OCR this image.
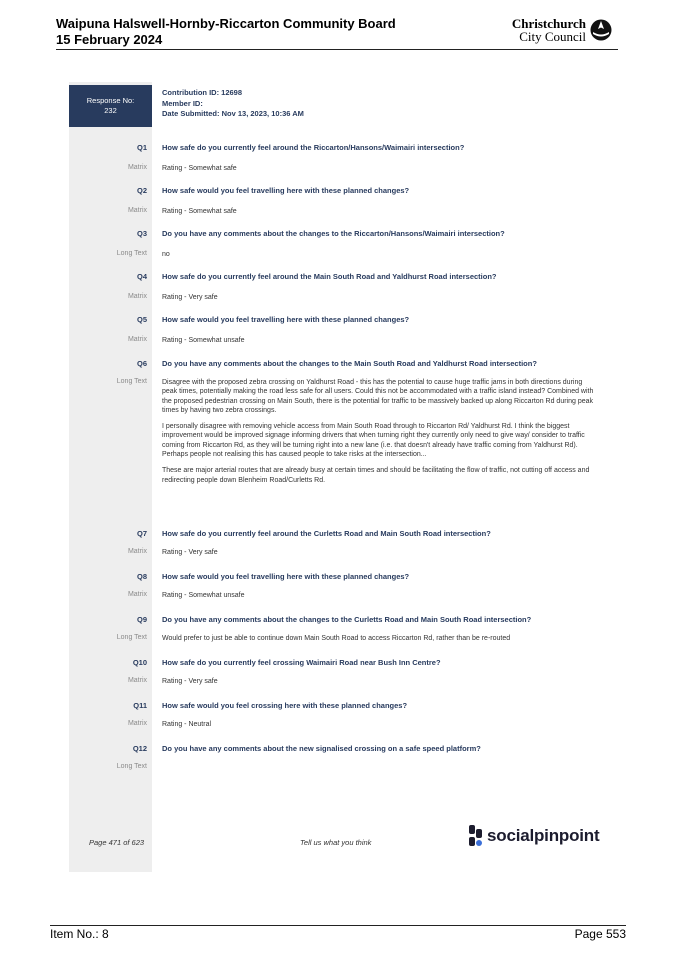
Waipuna Halswell-Hornby-Riccarton Community Board
15 February 2024
Christchurch
City Council
Response No:
232
Contribution ID: 12698
Member ID:
Date Submitted: Nov 13, 2023, 10:36 AM
Q1 How safe do you currently feel around the Riccarton/Hansons/Waimairi intersection?
Matrix Rating - Somewhat safe
Q2 How safe would you feel travelling here with these planned changes?
Matrix Rating - Somewhat safe
Q3 Do you have any comments about the changes to the Riccarton/Hansons/Waimairi intersection?
Long Text no
Q4 How safe do you currently feel around the Main South Road and Yaldhurst Road intersection?
Matrix Rating - Very safe
Q5 How safe would you feel travelling here with these planned changes?
Matrix Rating - Somewhat unsafe
Q6 Do you have any comments about the changes to the Main South Road and Yaldhurst Road intersection?
Long Text Disagree with the proposed zebra crossing on Yaldhurst Road - this has the potential to cause huge traffic jams in both directions during peak times, potentially making the road less safe for all users. Could this not be accommodated with a traffic island instead? Combined with the proposed pedestrian crossing on Main South, there is the potential for traffic to be massively backed up along Riccarton Rd during peak times by having two zebra crossings.

I personally disagree with removing vehicle access from Main South Road through to Riccarton Rd/ Yaldhurst Rd. I think the biggest improvement would be improved signage informing drivers that when turning right they currently only need to give way/ consider to traffic coming from Riccarton Rd, as they will be turning right into a new lane (i.e. that doesn't already have traffic coming from Yaldhurst Rd). Perhaps people not realising this has caused people to take risks at the intersection...

These are major arterial routes that are already busy at certain times and should be facilitating the flow of traffic, not cutting off access and redirecting people down Blenheim Road/Curletts Rd.

Q7 How safe do you currently feel around the Curletts Road and Main South Road intersection?
Matrix Rating - Very safe
Q8 How safe would you feel travelling here with these planned changes?
Matrix Rating - Somewhat unsafe
Q9 Do you have any comments about the changes to the Curletts Road and Main South Road intersection?
Long Text Would prefer to just be able to continue down Main South Road to access Riccarton Rd, rather than be re-routed
Q10 How safe do you currently feel crossing Waimairi Road near Bush Inn Centre?
Matrix Rating - Very safe
Q11 How safe would you feel crossing here with these planned changes?
Matrix Rating - Neutral
Q12 Do you have any comments about the new signalised crossing on a safe speed platform?
Long Text
Page 471 of 623	Tell us what you think	socialpinpoint
Item No.: 8	Page 553
